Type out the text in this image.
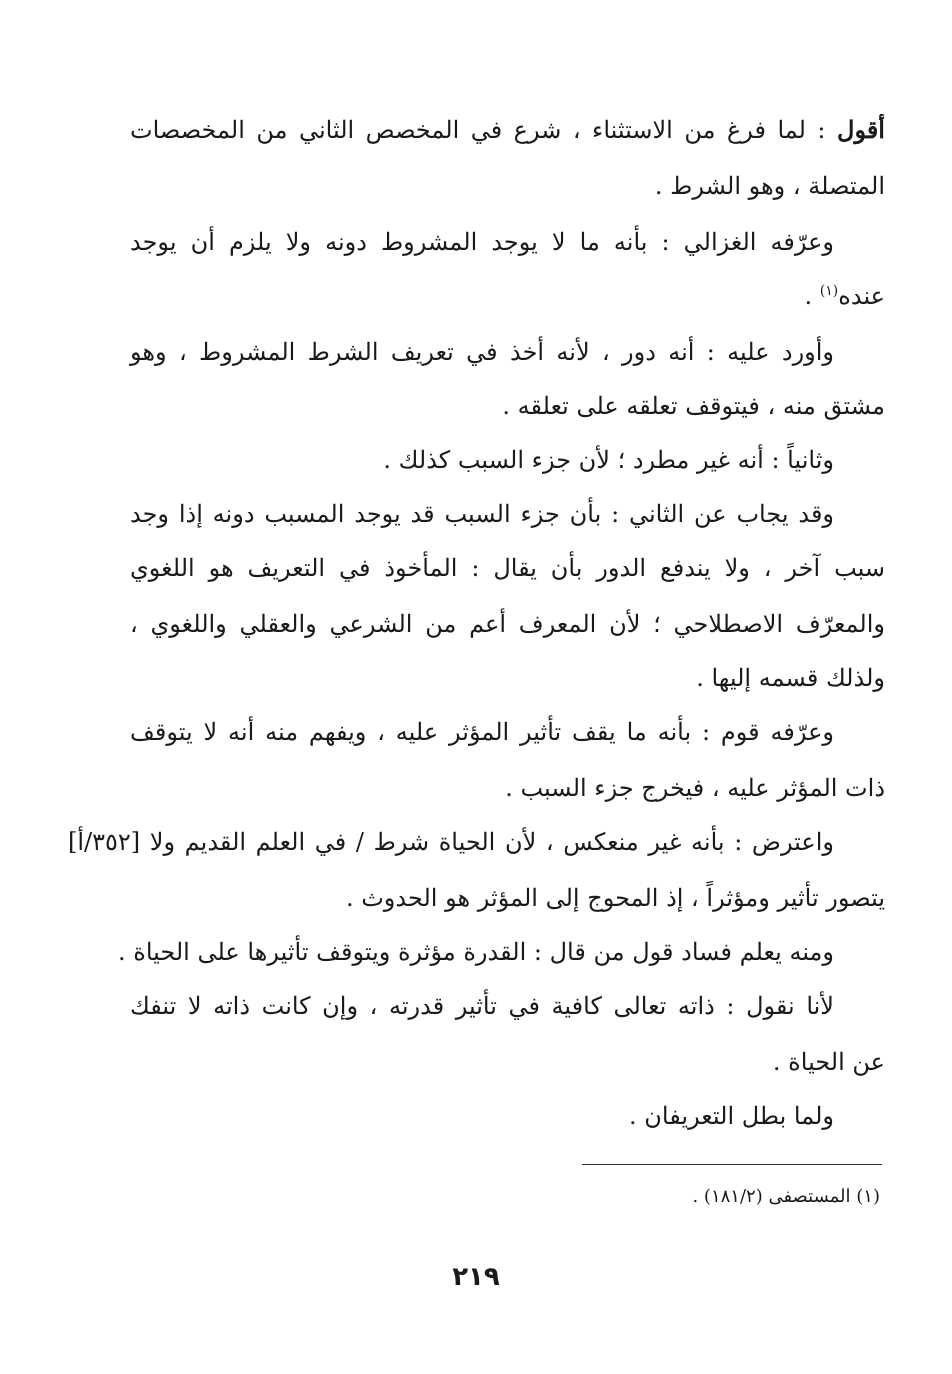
أقول : لما فرغ من الاستثناء ، شرع في المخصص الثاني من المخصصات
المتصلة ، وهو الشرط .
وعرّفه الغزالي : بأنه ما لا يوجد المشروط دونه ولا يلزم أن يوجد
عنده$^{(١)}$ .
وأورد عليه : أنه دور ، لأنه أخذ في تعريف الشرط المشروط ، وهو
مشتق منه ، فيتوقف تعلقه على تعلقه .
وثانياً : أنه غير مطرد ؛ لأن جزء السبب كذلك .
وقد يجاب عن الثاني : بأن جزء السبب قد يوجد المسبب دونه إذا وجد
سبب آخر ، ولا يندفع الدور بأن يقال : المأخوذ في التعريف هو اللغوي
والمعرّف الاصطلاحي ؛ لأن المعرف أعم من الشرعي والعقلي واللغوي ،
ولذلك قسمه إليها .
وعرّفه قوم : بأنه ما يقف تأثير المؤثر عليه ، ويفهم منه أنه لا يتوقف
ذات المؤثر عليه ، فيخرج جزء السبب .
واعترض : بأنه غير منعكس ، لأن الحياة شرط / في العلم القديم ولا [٣٥٢/أ]
يتصور تأثير ومؤثراً ، إذ المحوج إلى المؤثر هو الحدوث .
ومنه يعلم فساد قول من قال : القدرة مؤثرة ويتوقف تأثيرها على الحياة .
لأنا نقول : ذاته تعالى كافية في تأثير قدرته ، وإن كانت ذاته لا تنفك
عن الحياة .
ولما بطل التعريفان .
(١) المستصفى (١٨١/٢) .
٢١٩
